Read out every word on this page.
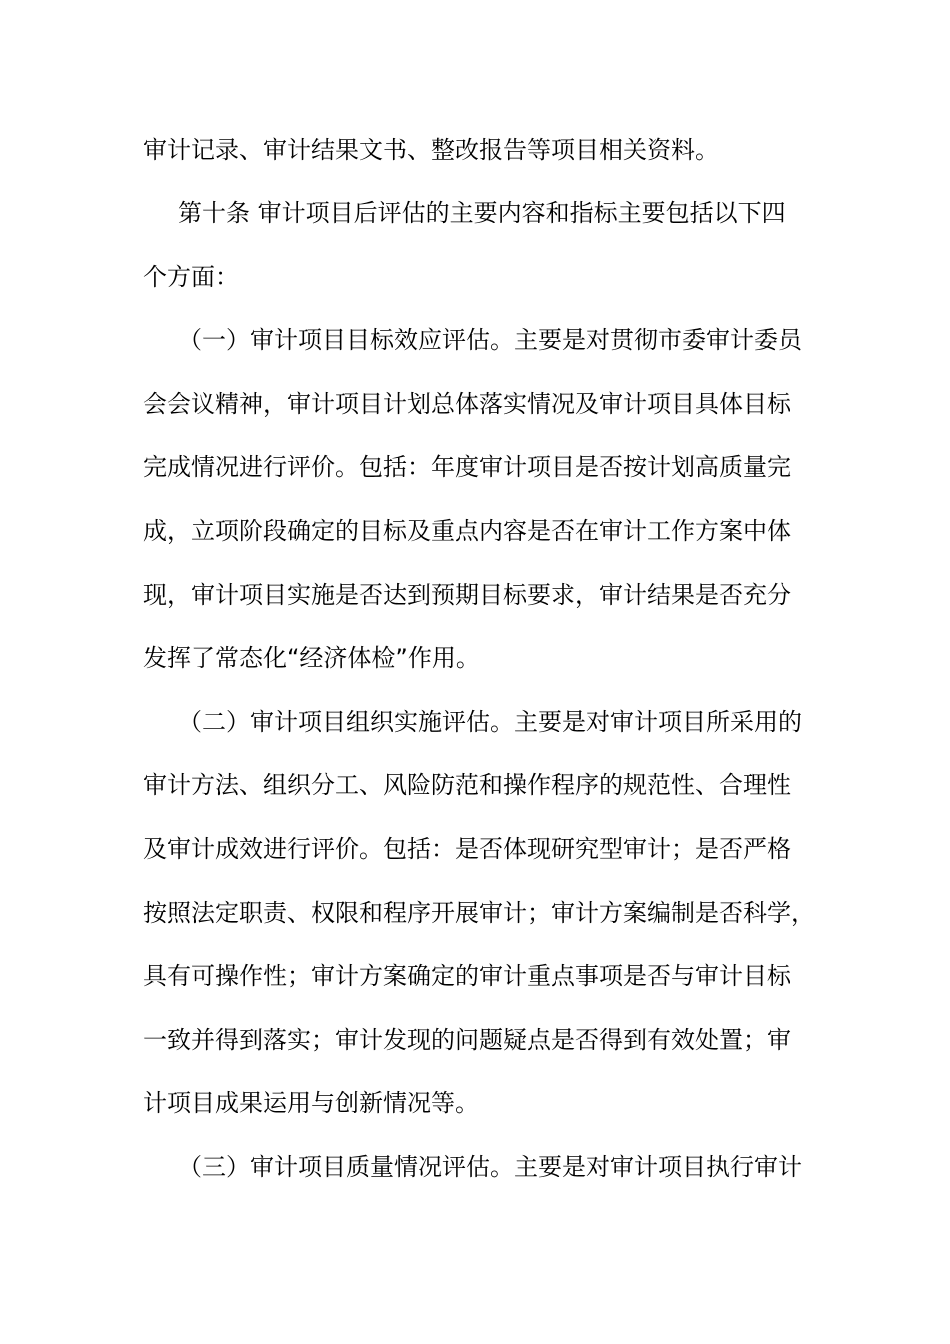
审计记录、审计结果文书、整改报告等项目相关资料。
第十条 审计项目后评估的主要内容和指标主要包括以下四
个方面：
（一）审计项目目标效应评估。主要是对贯彻市委审计委员
会会议精神，审计项目计划总体落实情况及审计项目具体目标
完成情况进行评价。包括：年度审计项目是否按计划高质量完
成，立项阶段确定的目标及重点内容是否在审计工作方案中体
现，审计项目实施是否达到预期目标要求，审计结果是否充分
发挥了常态化“经济体检”作用。
（二）审计项目组织实施评估。主要是对审计项目所采用的
审计方法、组织分工、风险防范和操作程序的规范性、合理性
及审计成效进行评价。包括：是否体现研究型审计；是否严格
按照法定职责、权限和程序开展审计；审计方案编制是否科学，
具有可操作性；审计方案确定的审计重点事项是否与审计目标
一致并得到落实；审计发现的问题疑点是否得到有效处置；审
计项目成果运用与创新情况等。
（三）审计项目质量情况评估。主要是对审计项目执行审计
